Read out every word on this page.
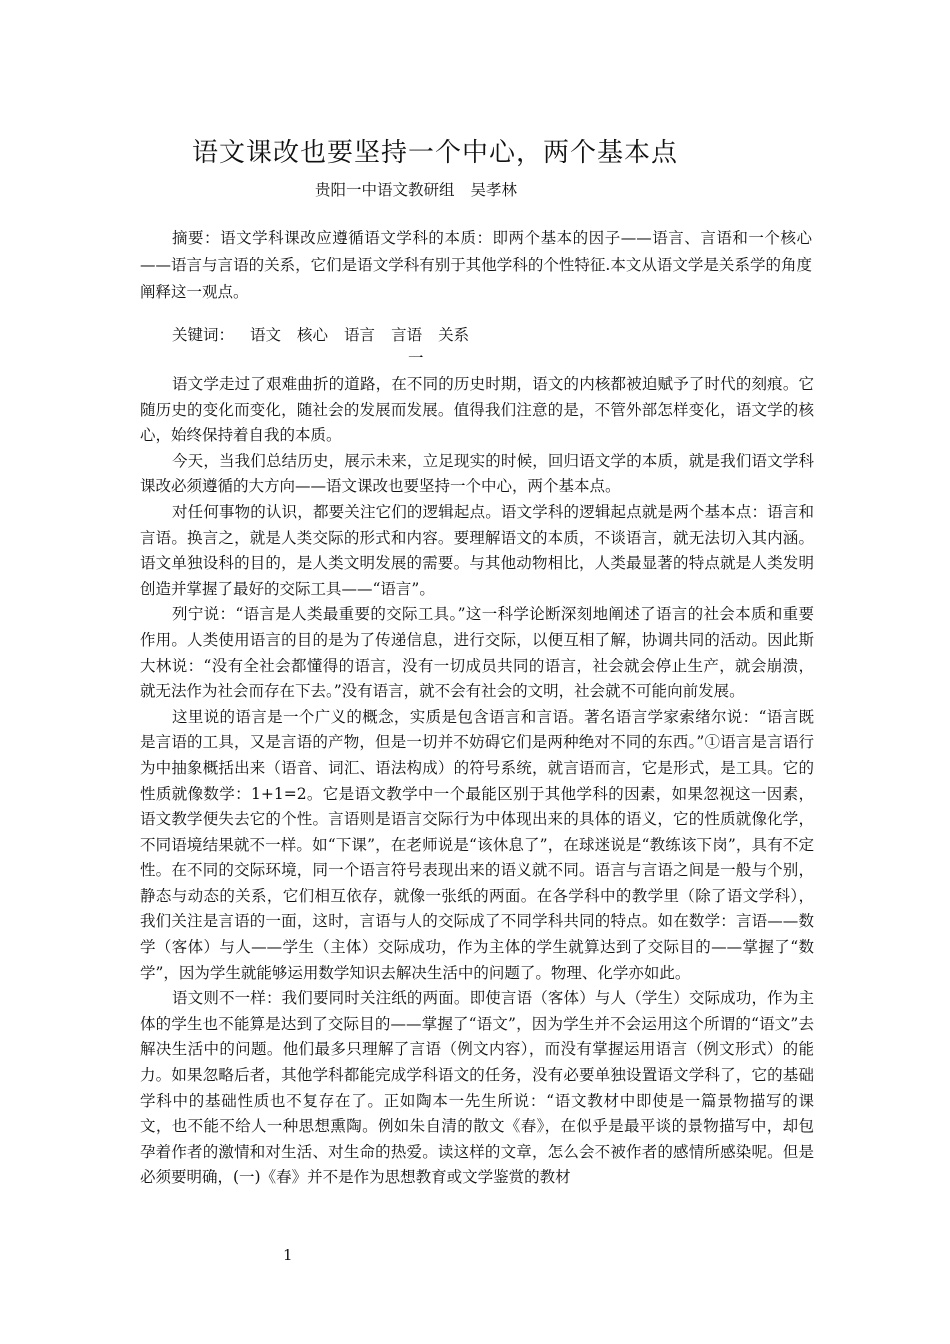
语文课改也要坚持一个中心，两个基本点
贵阳一中语文教研组 吴孝林

摘要：语文学科课改应遵循语文学科的本质：即两个基本的因子——语言、言语和一个核心——语言与言语的关系，它们是语文学科有别于其他学科的个性特征.本文从语文学是关系学的角度阐释这一观点。

关键词： 语文 核心 语言 言语 关系
一

语文学走过了艰难曲折的道路，在不同的历史时期，语文的内核都被迫赋予了时代的刻痕。它随历史的变化而变化，随社会的发展而发展。值得我们注意的是，不管外部怎样变化，语文学的核心，始终保持着自我的本质。

今天，当我们总结历史，展示未来，立足现实的时候，回归语文学的本质，就是我们语文学科课改必须遵循的大方向——语文课改也要坚持一个中心，两个基本点。

对任何事物的认识，都要关注它们的逻辑起点。语文学科的逻辑起点就是两个基本点：语言和言语。换言之，就是人类交际的形式和内容。要理解语文的本质，不谈语言，就无法切入其内涵。语文单独设科的目的，是人类文明发展的需要。与其他动物相比，人类最显著的特点就是人类发明创造并掌握了最好的交际工具——“语言”。

列宁说：“语言是人类最重要的交际工具。”这一科学论断深刻地阐述了语言的社会本质和重要作用。人类使用语言的目的是为了传递信息，进行交际，以便互相了解，协调共同的活动。因此斯大林说：“没有全社会都懂得的语言，没有一切成员共同的语言，社会就会停止生产，就会崩溃，就无法作为社会而存在下去。”没有语言，就不会有社会的文明，社会就不可能向前发展。

这里说的语言是一个广义的概念，实质是包含语言和言语。著名语言学家索绪尔说：“语言既是言语的工具，又是言语的产物，但是一切并不妨碍它们是两种绝对不同的东西。”①语言是言语行为中抽象概括出来（语音、词汇、语法构成）的符号系统，就言语而言，它是形式，是工具。它的性质就像数学：1+1=2。它是语文教学中一个最能区别于其他学科的因素，如果忽视这一因素，语文教学便失去它的个性。言语则是语言交际行为中体现出来的具体的语义，它的性质就像化学，不同语境结果就不一样。如“下课”，在老师说是“该休息了”，在球迷说是“教练该下岗”，具有不定性。在不同的交际环境，同一个语言符号表现出来的语义就不同。语言与言语之间是一般与个别，静态与动态的关系，它们相互依存，就像一张纸的两面。在各学科中的教学里（除了语文学科），我们关注是言语的一面，这时，言语与人的交际成了不同学科共同的特点。如在数学：言语——数学（客体）与人——学生（主体）交际成功，作为主体的学生就算达到了交际目的——掌握了“数学”，因为学生就能够运用数学知识去解决生活中的问题了。物理、化学亦如此。

语文则不一样：我们要同时关注纸的两面。即使言语（客体）与人（学生）交际成功，作为主体的学生也不能算是达到了交际目的——掌握了“语文”，因为学生并不会运用这个所谓的“语文”去解决生活中的问题。他们最多只理解了言语（例文内容），而没有掌握运用语言（例文形式）的能力。如果忽略后者，其他学科都能完成学科语文的任务，没有必要单独设置语文学科了，它的基础学科中的基础性质也不复存在了。正如陶本一先生所说：“语文教材中即使是一篇景物描写的课文，也不能不给人一种思想熏陶。例如朱自清的散文《春》，在似乎是最平谈的景物描写中，却包孕着作者的激情和对生活、对生命的热爱。读这样的文章，怎么会不被作者的感情所感染呢。但是必须要明确，(一)《春》并不是作为思想教育或文学鉴赏的教材

1
